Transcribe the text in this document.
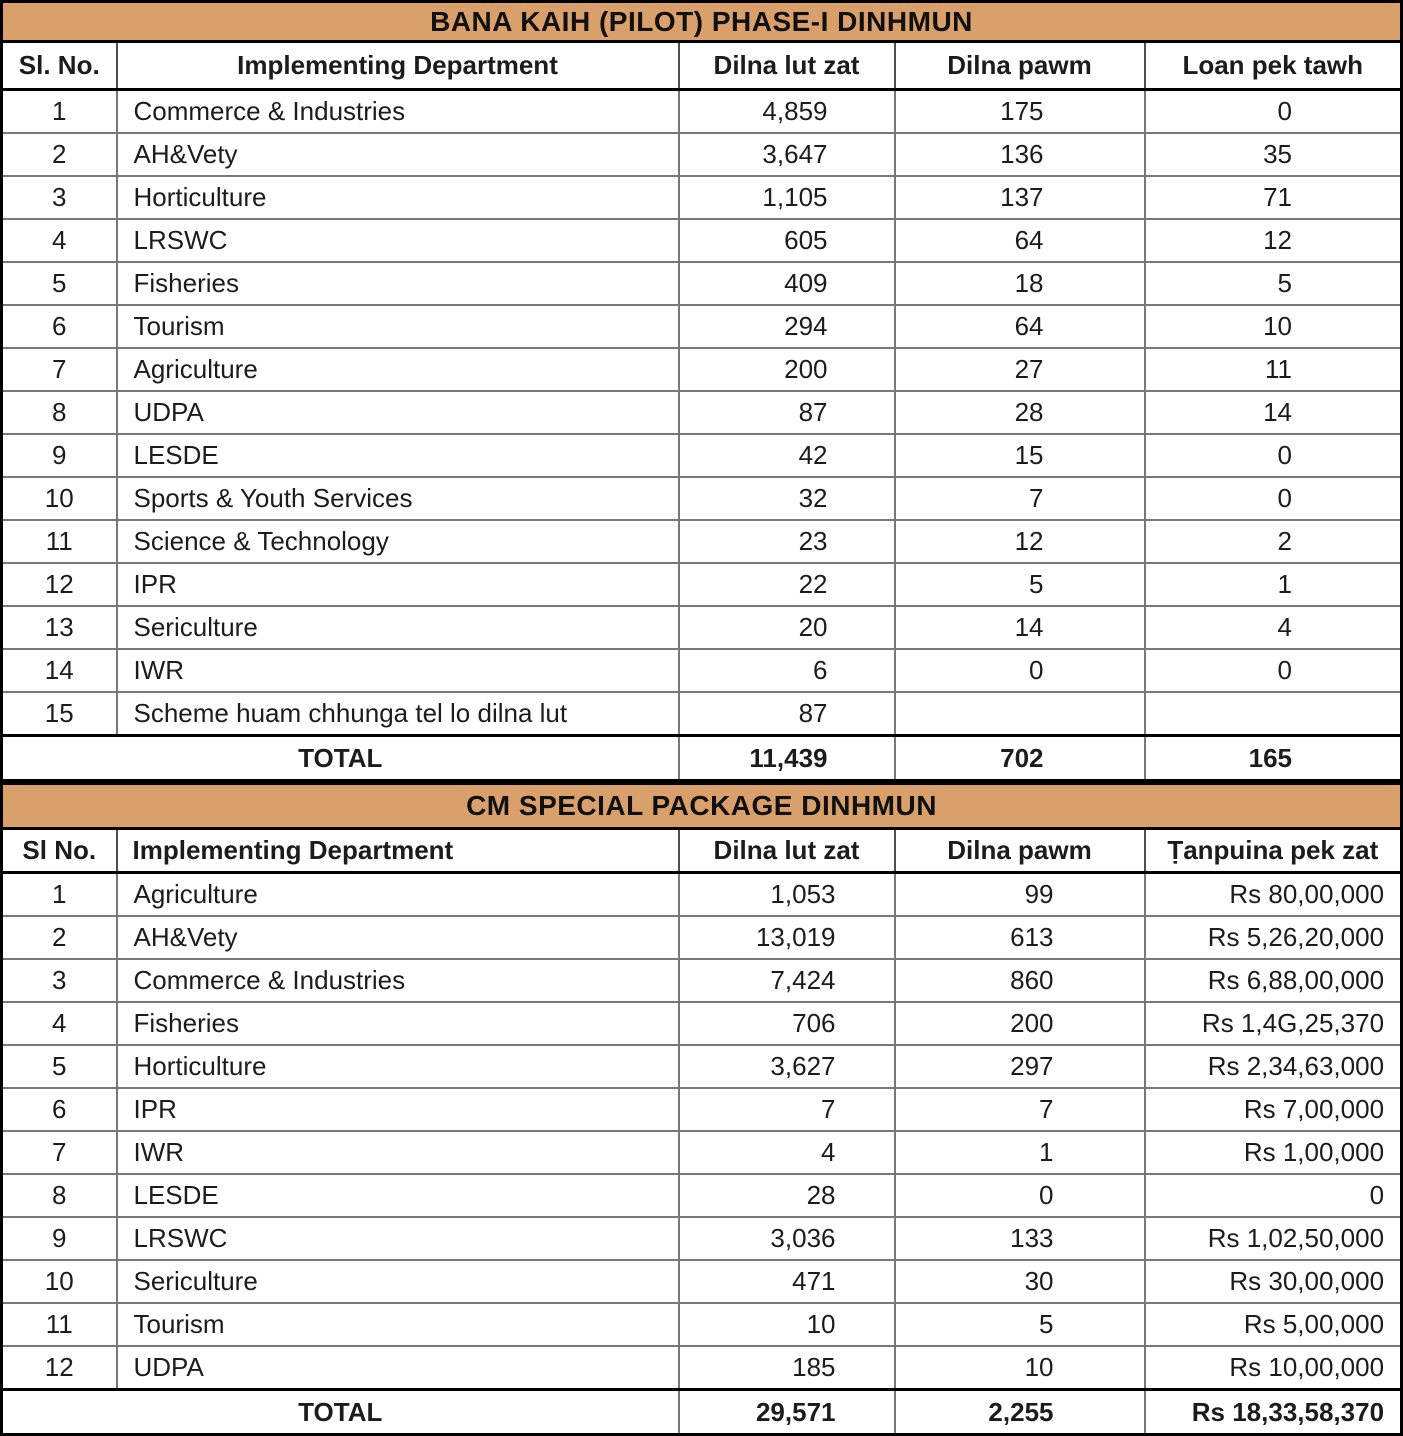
BANA KAIH (PILOT) PHASE-I DINHMUN				
Sl. No.	Implementing Department	Dilna lut zat	Dilna pawm	Loan pek tawh
1	Commerce & Industries	4,859	175	0
2	AH&Vety	3,647	136	35
3	Horticulture	1,105	137	71
4	LRSWC	605	64	12
5	Fisheries	409	18	5
6	Tourism	294	64	10
7	Agriculture	200	27	11
8	UDPA	87	28	14
9	LESDE	42	15	0
10	Sports & Youth Services	32	7	0
11	Science & Technology	23	12	2
12	IPR	22	5	1
13	Sericulture	20	14	4
14	IWR	6	0	0
15	Scheme huam chhunga tel lo dilna lut	87		
TOTAL		11,439	702	165
CM SPECIAL PACKAGE DINHMUN				
Sl No.	Implementing Department	Dilna lut zat	Dilna pawm	Ṭanpuina pek zat
1	Agriculture	1,053	99	Rs 80,00,000
2	AH&Vety	13,019	613	Rs 5,26,20,000
3	Commerce & Industries	7,424	860	Rs 6,88,00,000
4	Fisheries	706	200	Rs 1,4G,25,370
5	Horticulture	3,627	297	Rs 2,34,63,000
6	IPR	7	7	Rs 7,00,000
7	IWR	4	1	Rs 1,00,000
8	LESDE	28	0	0
9	LRSWC	3,036	133	Rs 1,02,50,000
10	Sericulture	471	30	Rs 30,00,000
11	Tourism	10	5	Rs 5,00,000
12	UDPA	185	10	Rs 10,00,000
TOTAL		29,571	2,255	Rs 18,33,58,370
